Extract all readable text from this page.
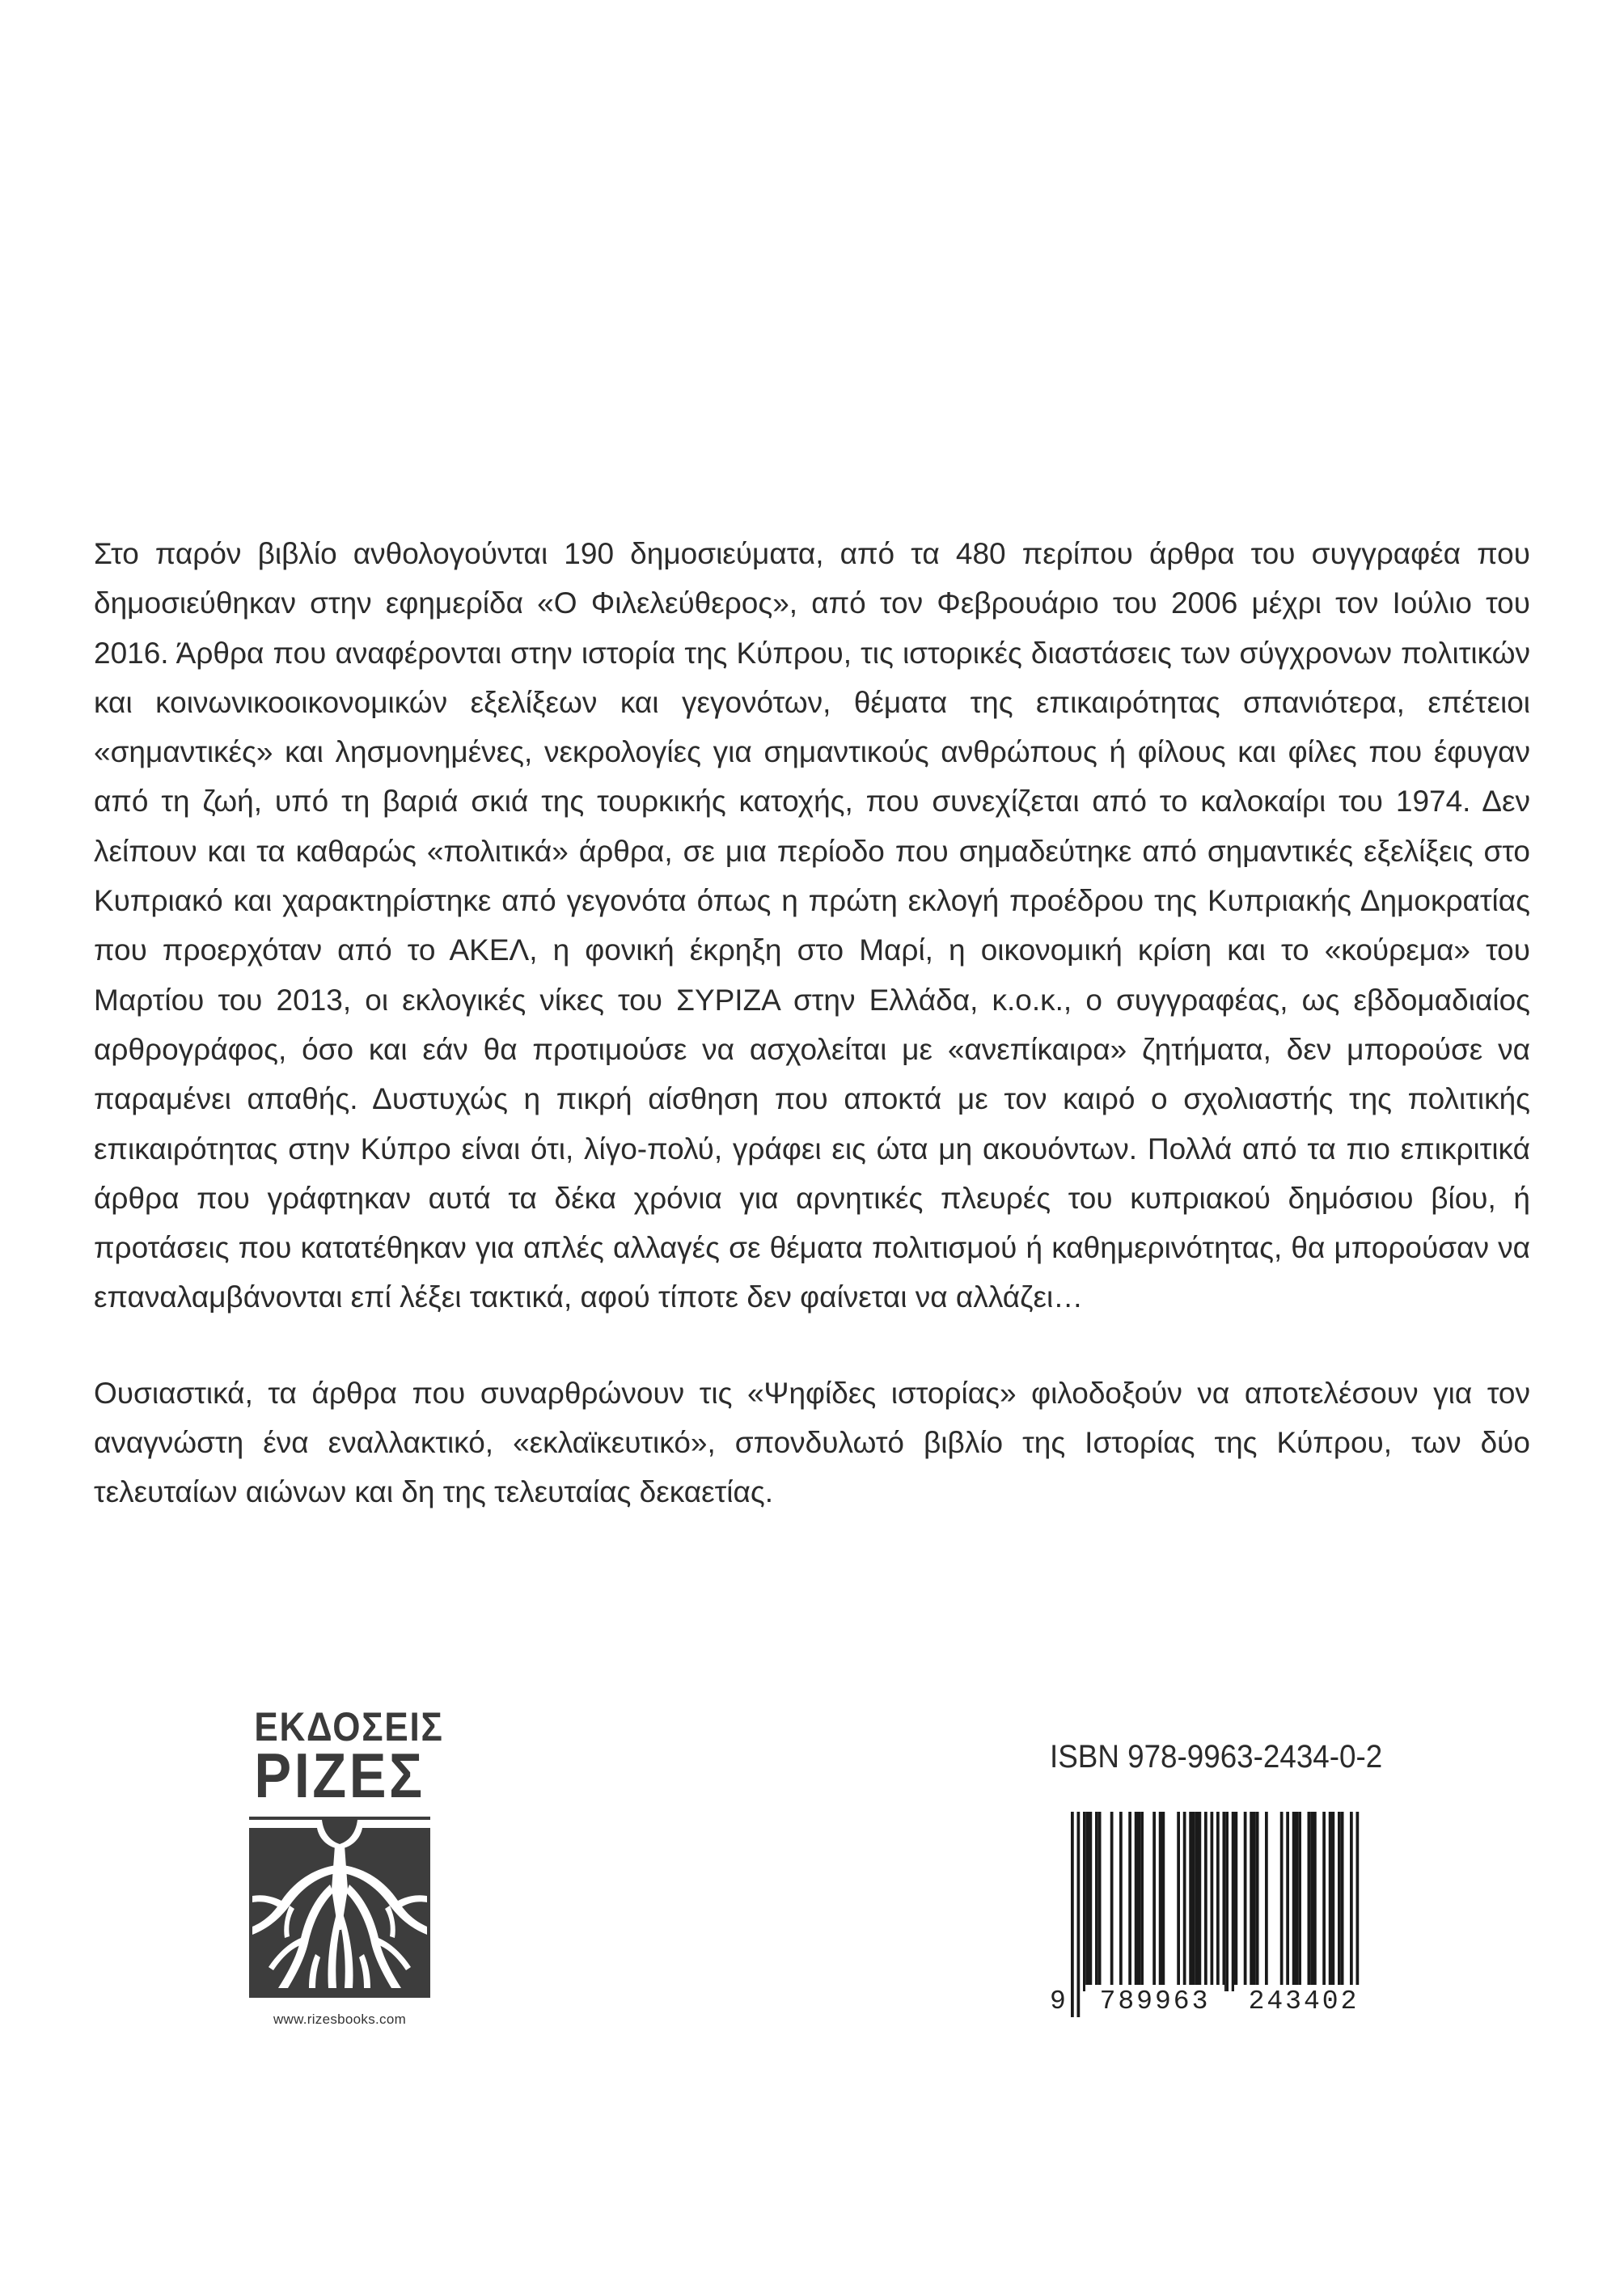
Στο παρόν βιβλίο ανθολογούνται 190 δημοσιεύματα, από τα 480 περίπου άρθρα του συγγραφέα που δημοσιεύθηκαν στην εφημερίδα «Ο Φιλελεύθερος», από τον Φεβρουάριο του 2006 μέχρι τον Ιούλιο του 2016. Άρθρα που αναφέρονται στην ιστορία της Κύπρου, τις ιστορικές διαστάσεις των σύγχρονων πολιτικών και κοινωνικοοικονομικών εξελίξεων και γεγονότων, θέματα της επικαιρότητας σπανιότερα, επέτειοι «σημαντικές» και λησμονημένες, νεκρολογίες για σημαντικούς ανθρώπους ή φίλους και φίλες που έφυγαν από τη ζωή, υπό τη βαριά σκιά της τουρκικής κατοχής, που συνεχίζεται από το καλοκαίρι του 1974. Δεν λείπουν και τα καθαρώς «πολιτικά» άρθρα, σε μια περίοδο που σημαδεύτηκε από σημαντικές εξελίξεις στο Κυπριακό και χαρακτηρίστηκε από γεγονότα όπως η πρώτη εκλογή προέδρου της Κυπριακής Δημοκρατίας που προερχόταν από το ΑΚΕΛ, η φονική έκρηξη στο Μαρί, η οικονομική κρίση και το «κούρεμα» του Μαρτίου του 2013, οι εκλογικές νίκες του ΣΥΡΙΖΑ στην Ελλάδα, κ.ο.κ., ο συγγραφέας, ως εβδομαδιαίος αρθρογράφος, όσο και εάν θα προτιμούσε να ασχολείται με «ανεπίκαιρα» ζητήματα, δεν μπορούσε να παραμένει απαθής. Δυστυχώς η πικρή αίσθηση που αποκτά με τον καιρό ο σχολιαστής της πολιτικής επικαιρότητας στην Κύπρο είναι ότι, λίγο-πολύ, γράφει εις ώτα μη ακουόντων. Πολλά από τα πιο επικριτικά άρθρα που γράφτηκαν αυτά τα δέκα χρόνια για αρνητικές πλευρές του κυπριακού δημόσιου βίου, ή προτάσεις που κατατέθηκαν για απλές αλλαγές σε θέματα πολιτισμού ή καθημερινότητας, θα μπορούσαν να επαναλαμβάνονται επί λέξει τακτικά, αφού τίποτε δεν φαίνεται να αλλάζει…

Ουσιαστικά, τα άρθρα που συναρθρώνουν τις «Ψηφίδες ιστορίας» φιλοδοξούν να αποτελέσουν για τον αναγνώστη ένα εναλλακτικό, «εκλαϊκευτικό», σπονδυλωτό βιβλίο της Ιστορίας της Κύπρου, των δύο τελευταίων αιώνων και δη της τελευταίας δεκαετίας.

ΕΚΔΟΣΕΙΣ
ΡΙΖΕΣ
www.rizesbooks.com
ISBN 978-9963-2434-0-2
9	789963	243402
